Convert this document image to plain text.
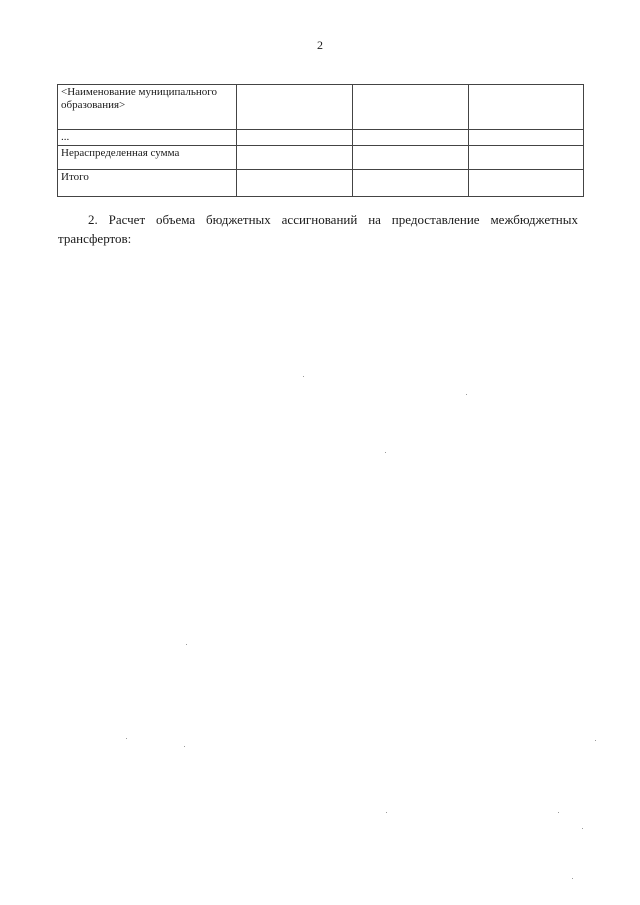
2
<Наименование муниципального образования>			
...			
Нераспределенная сумма			
Итого			
2. Расчет объема бюджетных ассигнований на предоставление межбюджетных трансфертов:
